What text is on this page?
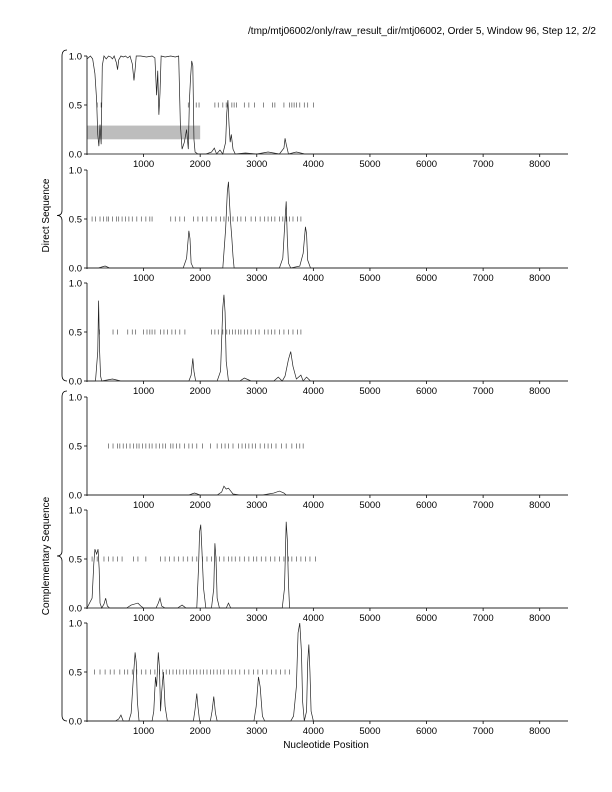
/tmp/mtj06002/only/raw_result_dir/mtj06002, Order 5, Window 96, Step 12, 2/2
0.0
0.5
1.0
1000	2000	3000	4000	5000	6000	7000	8000
0.0
0.5
1.0
1000	2000	3000	4000	5000	6000	7000	8000
0.0
0.5
1.0
1000	2000	3000	4000	5000	6000	7000	8000
0.0
0.5
1.0
1000	2000	3000	4000	5000	6000	7000	8000
0.0
0.5
1.0
1000	2000	3000	4000	5000	6000	7000	8000
0.0
0.5
1.0
1000	2000	3000	4000	5000	6000	7000	8000
Direct Sequence
Complementary Sequence
Nucleotide Position
